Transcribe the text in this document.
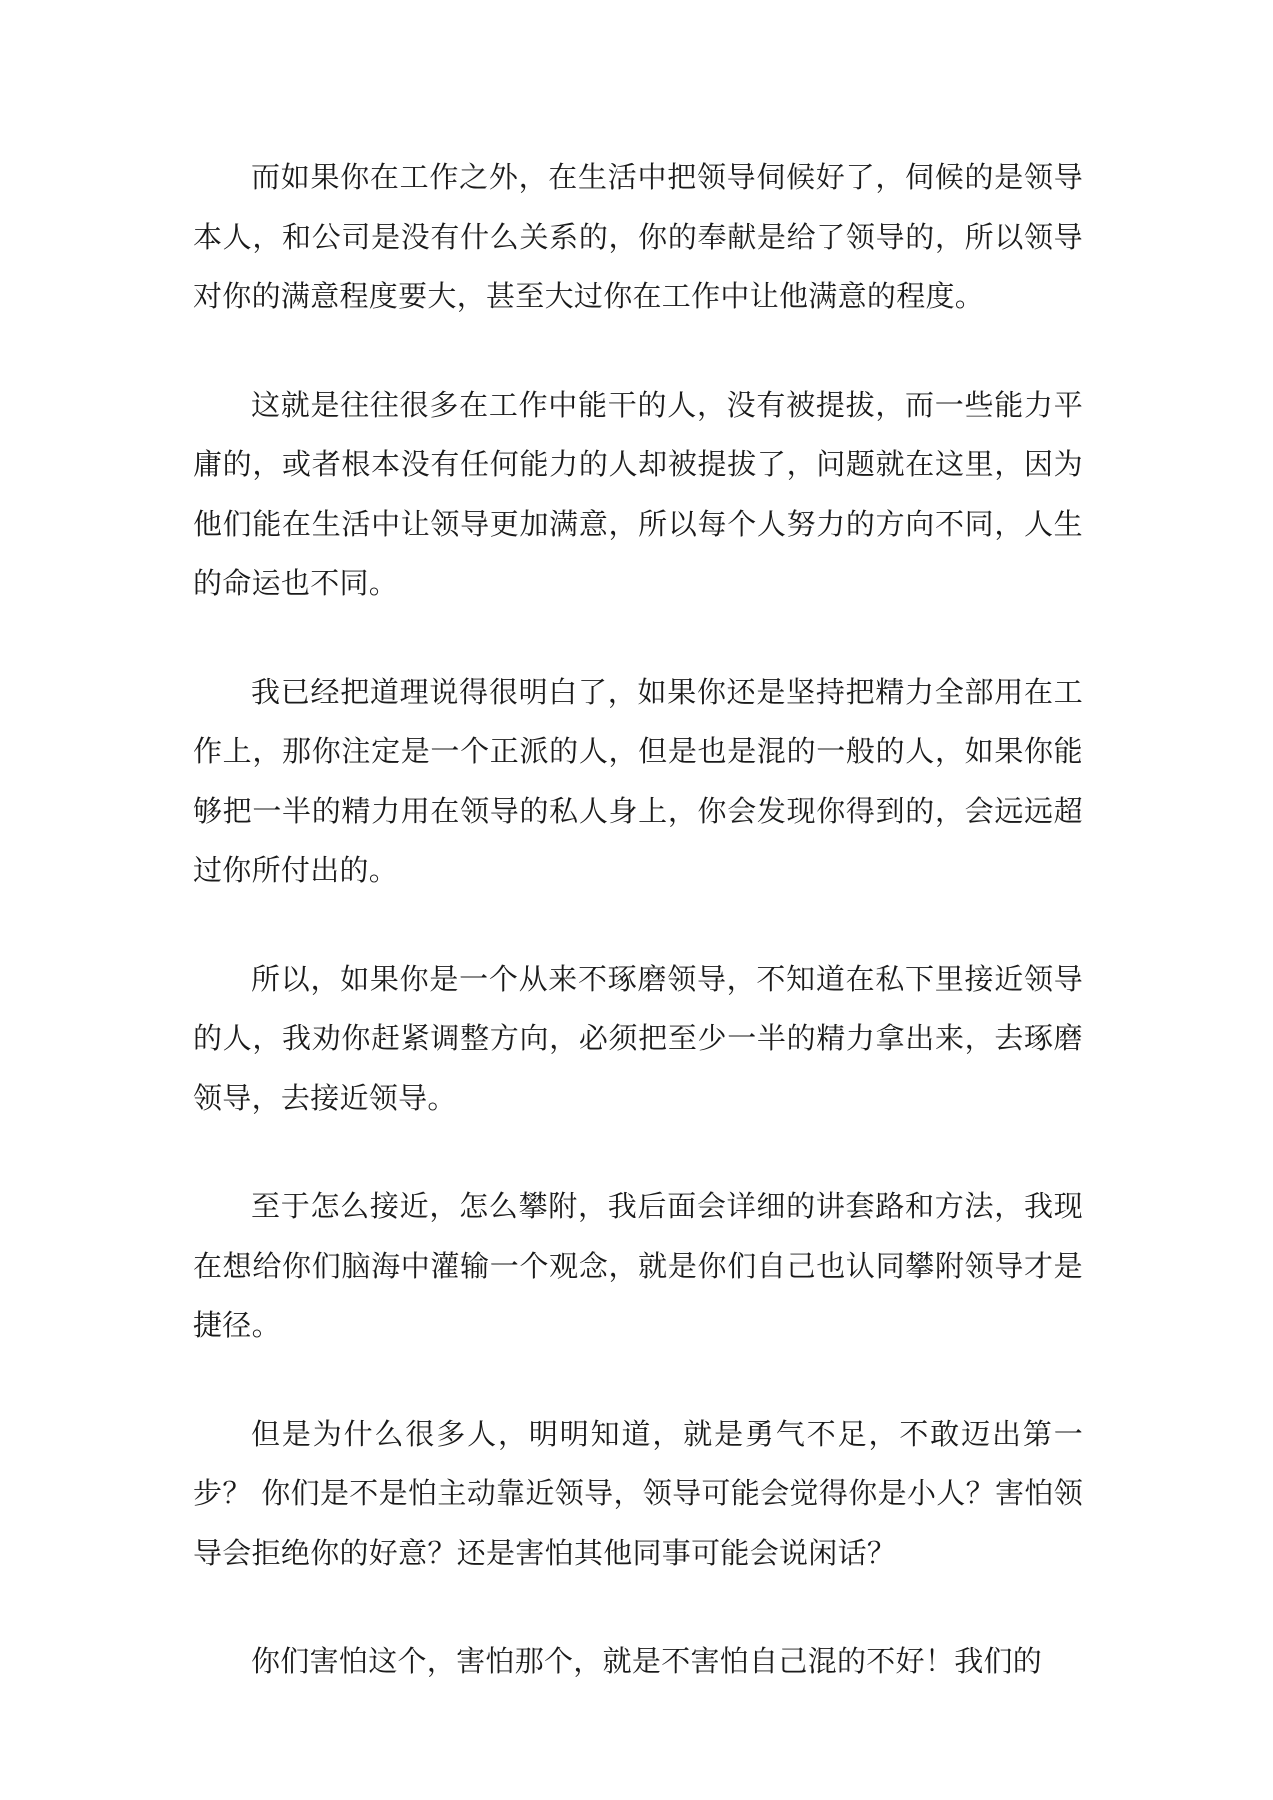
而如果你在工作之外，在生活中把领导伺候好了，伺候的是领导本人，和公司是没有什么关系的，你的奉献是给了领导的，所以领导对你的满意程度要大，甚至大过你在工作中让他满意的程度。

这就是往往很多在工作中能干的人，没有被提拔，而一些能力平庸的，或者根本没有任何能力的人却被提拔了，问题就在这里，因为他们能在生活中让领导更加满意，所以每个人努力的方向不同，人生的命运也不同。

我已经把道理说得很明白了，如果你还是坚持把精力全部用在工作上，那你注定是一个正派的人，但是也是混的一般的人，如果你能够把一半的精力用在领导的私人身上，你会发现你得到的，会远远超过你所付出的。

所以，如果你是一个从来不琢磨领导，不知道在私下里接近领导的人，我劝你赶紧调整方向，必须把至少一半的精力拿出来，去琢磨领导，去接近领导。

至于怎么接近，怎么攀附，我后面会详细的讲套路和方法，我现在想给你们脑海中灌输一个观念，就是你们自己也认同攀附领导才是捷径。

但是为什么很多人，明明知道，就是勇气不足，不敢迈出第一步？ 你们是不是怕主动靠近领导，领导可能会觉得你是小人？害怕领导会拒绝你的好意？还是害怕其他同事可能会说闲话？

你们害怕这个，害怕那个，就是不害怕自己混的不好！我们的
